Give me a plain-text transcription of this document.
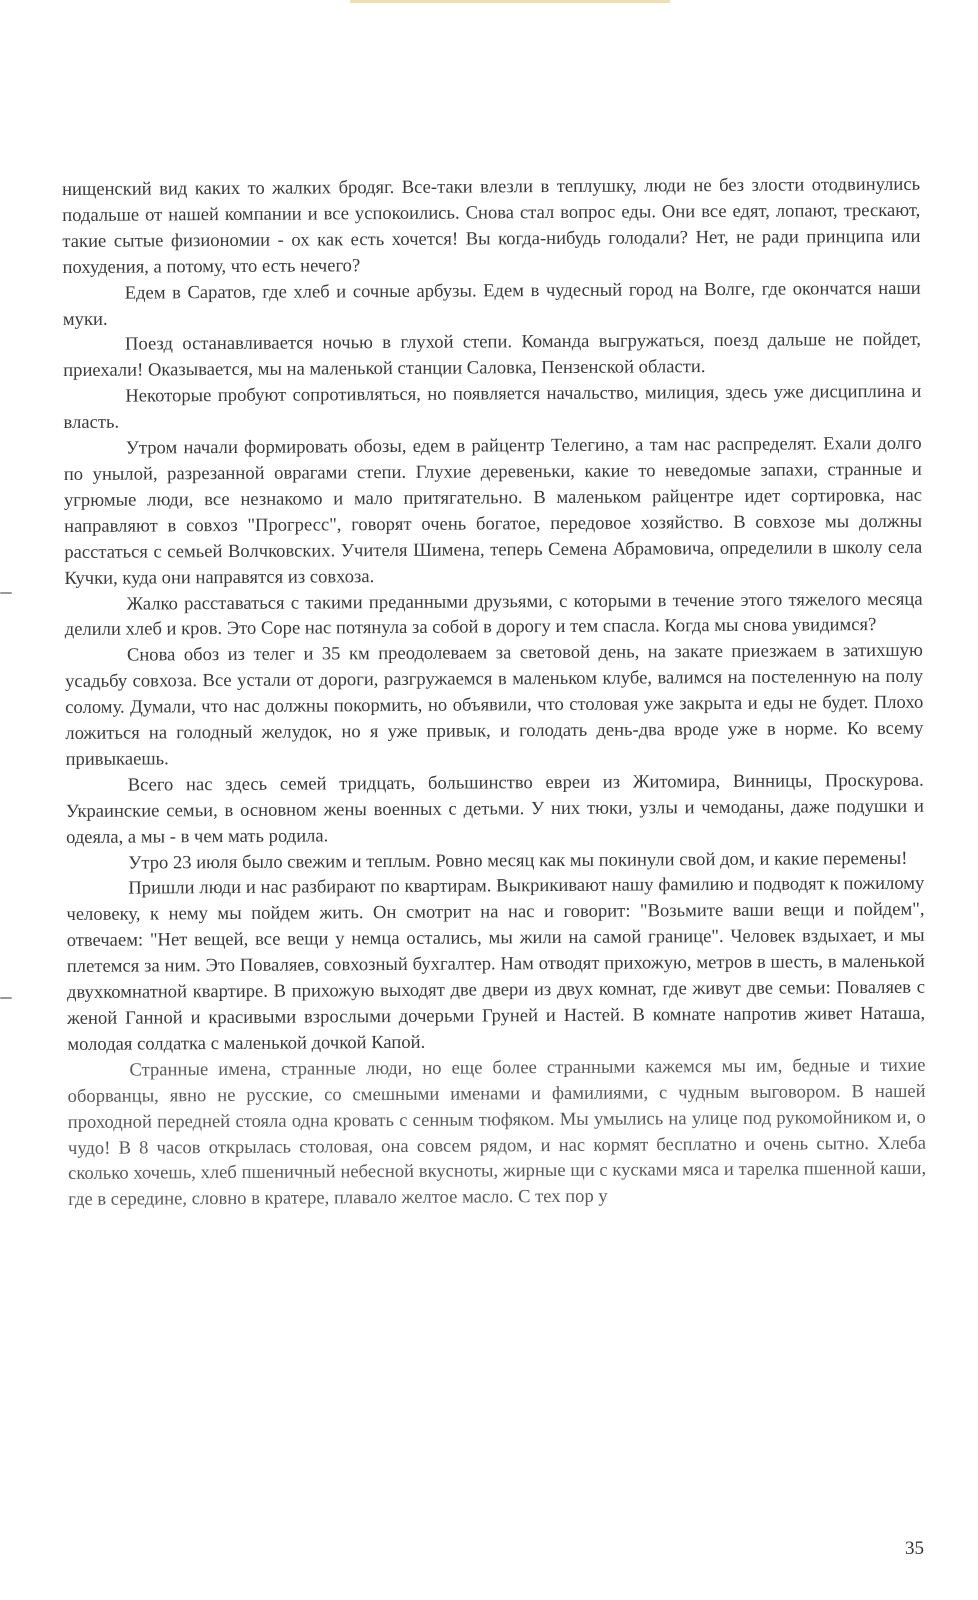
нищенский вид каких то жалких бродяг. Все-таки влезли в теплушку, люди не без злости отодвинулись подальше от нашей компании и все успокоились. Снова стал вопрос еды. Они все едят, лопают, трескают, такие сытые физиономии - ох как есть хочется! Вы когда-нибудь голодали? Нет, не ради принципа или похудения, а потому, что есть нечего?

Едем в Саратов, где хлеб и сочные арбузы. Едем в чудесный город на Волге, где окончатся наши муки.

Поезд останавливается ночью в глухой степи. Команда выгружаться, поезд дальше не пойдет, приехали! Оказывается, мы на маленькой станции Саловка, Пензенской области.

Некоторые пробуют сопротивляться, но появляется начальство, милиция, здесь уже дисциплина и власть.

Утром начали формировать обозы, едем в райцентр Телегино, а там нас распределят. Ехали долго по унылой, разрезанной оврагами степи. Глухие деревеньки, какие то неведомые запахи, странные и угрюмые люди, все незнакомо и мало притягательно. В маленьком райцентре идет сортировка, нас направляют в совхоз "Прогресс", говорят очень богатое, передовое хозяйство. В совхозе мы должны расстаться с семьей Волчковских. Учителя Шимена, теперь Семена Абрамовича, определили в школу села Кучки, куда они направятся из совхоза.

Жалко расставаться с такими преданными друзьями, с которыми в течение этого тяжелого месяца делили хлеб и кров. Это Соре нас потянула за собой в дорогу и тем спасла. Когда мы снова увидимся?

Снова обоз из телег и 35 км преодолеваем за световой день, на закате приезжаем в затихшую усадьбу совхоза. Все устали от дороги, разгружаемся в маленьком клубе, валимся на постеленную на полу солому. Думали, что нас должны покормить, но объявили, что столовая уже закрыта и еды не будет. Плохо ложиться на голодный желудок, но я уже привык, и голодать день-два вроде уже в норме. Ко всему привыкаешь.

Всего нас здесь семей тридцать, большинство евреи из Житомира, Винницы, Проскурова. Украинские семьи, в основном жены военных с детьми. У них тюки, узлы и чемоданы, даже подушки и одеяла, а мы - в чем мать родила.

Утро 23 июля было свежим и теплым. Ровно месяц как мы покинули свой дом, и какие перемены!

Пришли люди и нас разбирают по квартирам. Выкрикивают нашу фамилию и подводят к пожилому человеку, к нему мы пойдем жить. Он смотрит на нас и говорит: "Возьмите ваши вещи и пойдем", отвечаем: "Нет вещей, все вещи у немца остались, мы жили на самой границе". Человек вздыхает, и мы плетемся за ним. Это Поваляев, совхозный бухгалтер. Нам отводят прихожую, метров в шесть, в маленькой двухкомнатной квартире. В прихожую выходят две двери из двух комнат, где живут две семьи: Поваляев с женой Ганной и красивыми взрослыми дочерьми Груней и Настей. В комнате напротив живет Наташа, молодая солдатка с маленькой дочкой Капой.

Странные имена, странные люди, но еще более странными кажемся мы им, бедные и тихие оборванцы, явно не русские, со смешными именами и фамилиями, с чудным выговором. В нашей проходной передней стояла одна кровать с сенным тюфяком. Мы умылись на улице под рукомойником и, о чудо! В 8 часов открылась столовая, она совсем рядом, и нас кормят бесплатно и очень сытно. Хлеба сколько хочешь, хлеб пшеничный небесной вкусноты, жирные щи с кусками мяса и тарелка пшенной каши, где в середине, словно в кратере, плавало желтое масло. С тех пор у

35
